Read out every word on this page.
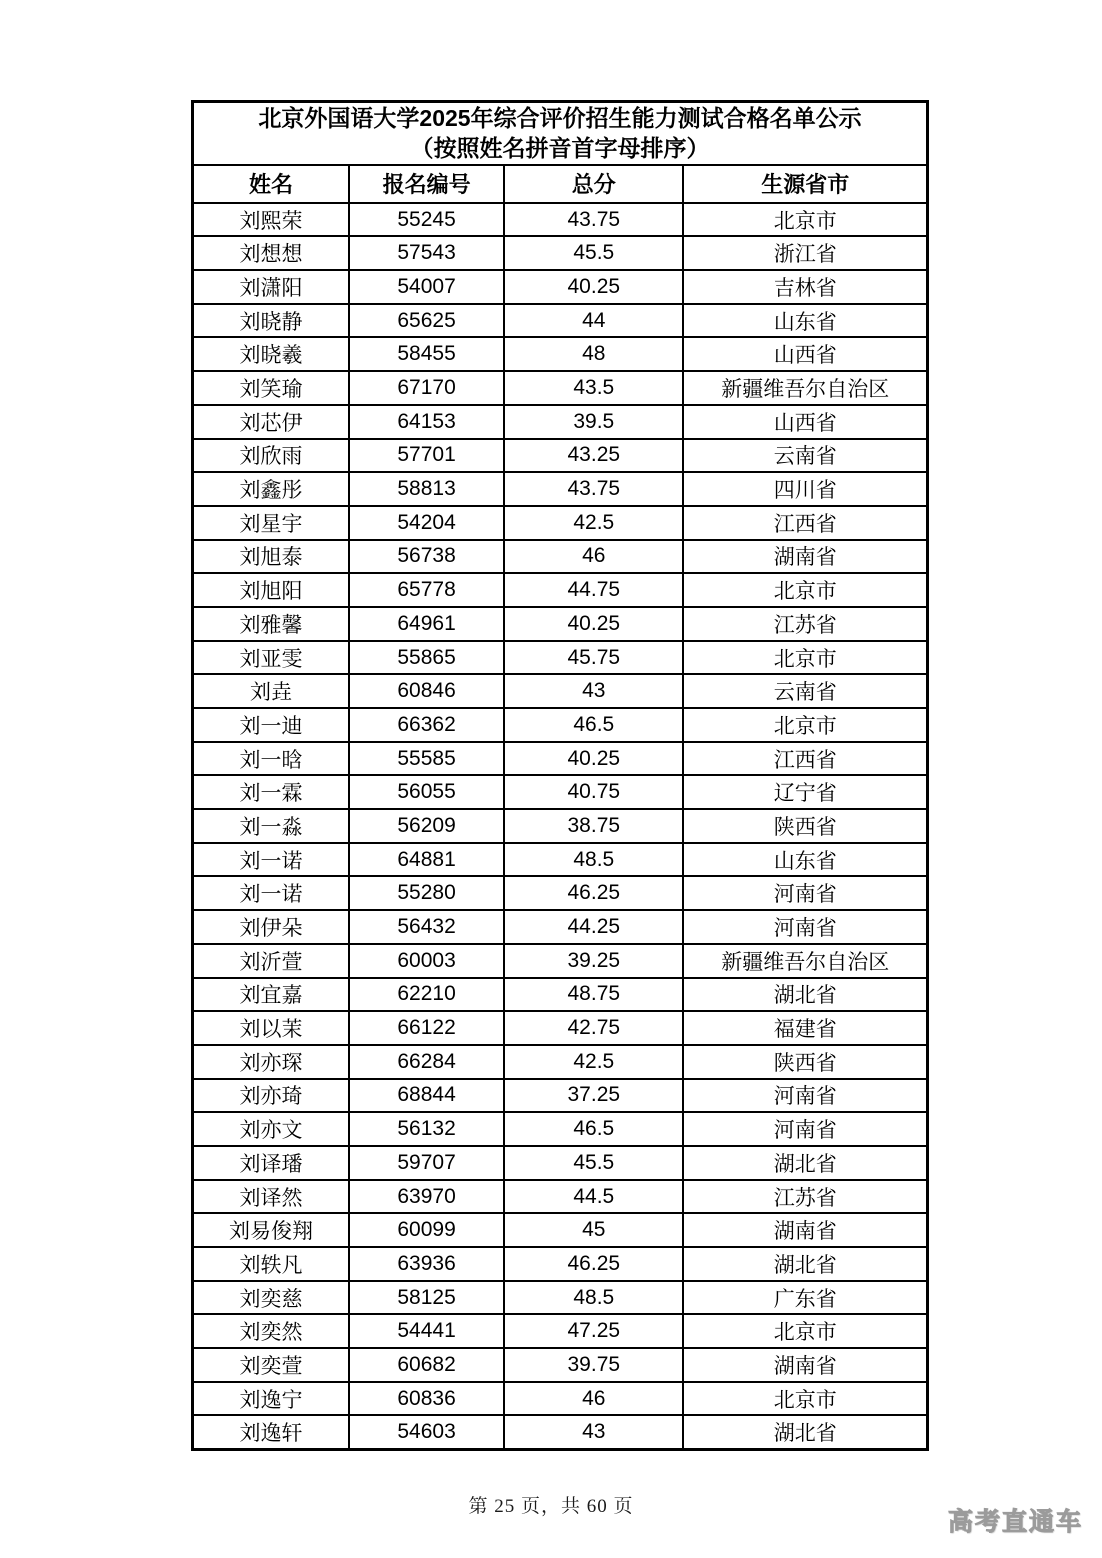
北京外国语大学2025年综合评价招生能力测试合格名单公示
（按照姓名拼音首字母排序）			

姓名	报名编号	总分	生源省市
刘熙荣	55245	43.75	北京市
刘想想	57543	45.5	浙江省
刘潇阳	54007	40.25	吉林省
刘晓静	65625	44	山东省
刘晓羲	58455	48	山西省
刘笑瑜	67170	43.5	新疆维吾尔自治区
刘芯伊	64153	39.5	山西省
刘欣雨	57701	43.25	云南省
刘鑫彤	58813	43.75	四川省
刘星宇	54204	42.5	江西省
刘旭泰	56738	46	湖南省
刘旭阳	65778	44.75	北京市
刘雅馨	64961	40.25	江苏省
刘亚雯	55865	45.75	北京市
刘垚	60846	43	云南省
刘一迪	66362	46.5	北京市
刘一晗	55585	40.25	江西省
刘一霖	56055	40.75	辽宁省
刘一淼	56209	38.75	陕西省
刘一诺	64881	48.5	山东省
刘一诺	55280	46.25	河南省
刘伊朵	56432	44.25	河南省
刘沂萱	60003	39.25	新疆维吾尔自治区
刘宜嘉	62210	48.75	湖北省
刘以茉	66122	42.75	福建省
刘亦琛	66284	42.5	陕西省
刘亦琦	68844	37.25	河南省
刘亦文	56132	46.5	河南省
刘译璠	59707	45.5	湖北省
刘译然	63970	44.5	江苏省
刘易俊翔	60099	45	湖南省
刘轶凡	63936	46.25	湖北省
刘奕慈	58125	48.5	广东省
刘奕然	54441	47.25	北京市
刘奕萱	60682	39.75	湖南省
刘逸宁	60836	46	北京市
刘逸轩	54603	43	湖北省
第 25 页，共 60 页
高考直通车
